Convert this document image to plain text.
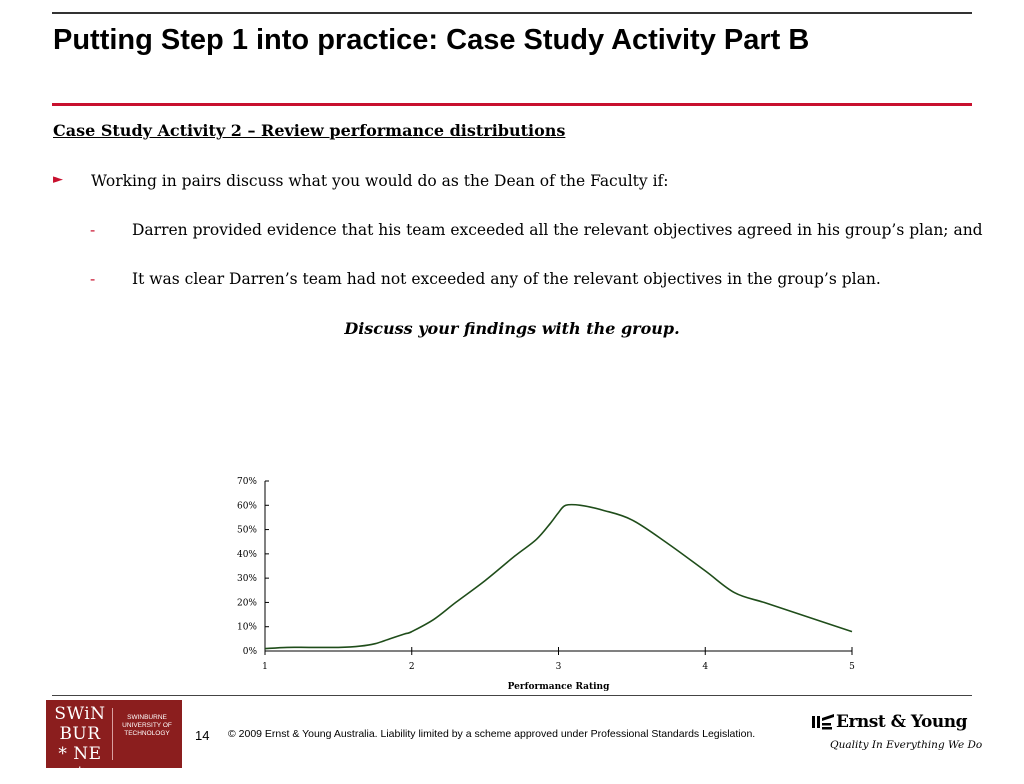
Putting Step 1 into practice: Case Study Activity Part B
Case Study Activity 2 – Review performance distributions
► Working in pairs discuss what you would do as the Dean of the Faculty if:
- Darren provided evidence that his team exceeded all the relevant objectives agreed in his group’s plan; and
- It was clear Darren’s team had not exceeded any of the relevant objectives in the group’s plan.
Discuss your findings with the group.
0%
10%
20%
30%
40%
50%
60%
70%
1	2	3	4	5
Performance Rating
SWiN
BUR
* NE *
SWINBURNE
UNIVERSITY OF
TECHNOLOGY	14 © 2009 Ernst & Young Australia. Liability limited by a scheme approved under Professional Standards Legislation.
Ernst & Young
Quality In Everything We Do
